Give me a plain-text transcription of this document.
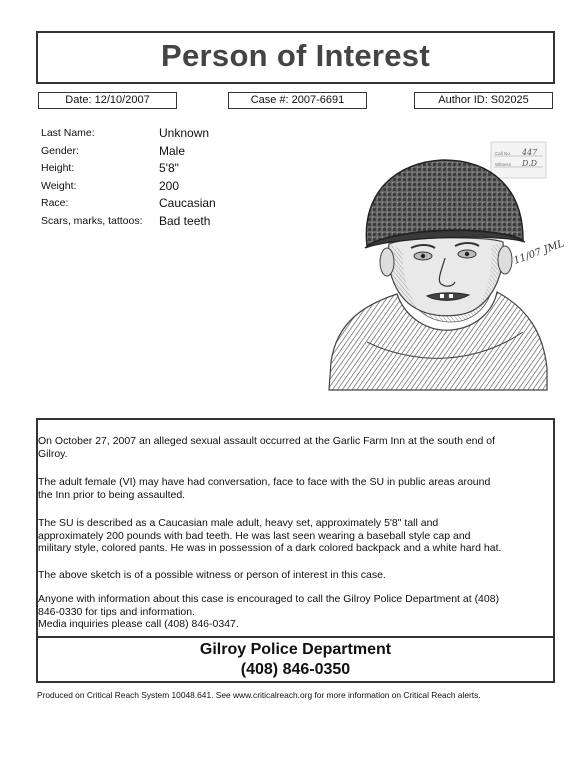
Person of Interest
Date: 12/10/2007	Case #: 2007-6691	Author ID: S02025
Last Name:	Unknown
Gender:	Male
Height:	5'8"
Weight:	200
Race:	Caucasian
Scars, marks, tattoos: Bad teeth
Call No.
Witness
447
D.D
11/07 JML
On October 27, 2007 an alleged sexual assault occurred at the Garlic Farm Inn at the south end of
Gilroy.
The adult female (VI) may have had conversation, face to face with the SU in public areas around
the Inn prior to being assaulted.
The SU is described as a Caucasian male adult, heavy set, approximately 5'8" tall and
approximately 200 pounds with bad teeth. He was last seen wearing a baseball style cap and
military style, colored pants. He was in possession of a dark colored backpack and a white hard hat.
The above sketch is of a possible witness or person of interest in this case.
Anyone with information about this case is encouraged to call the Gilroy Police Department at (408)
846-0330 for tips and information.
Media inquiries please call (408) 846-0347.
Gilroy Police Department
(408) 846-0350
Produced on Critical Reach System 10048.641. See www.criticalreach.org for more information on Critical Reach alerts.
